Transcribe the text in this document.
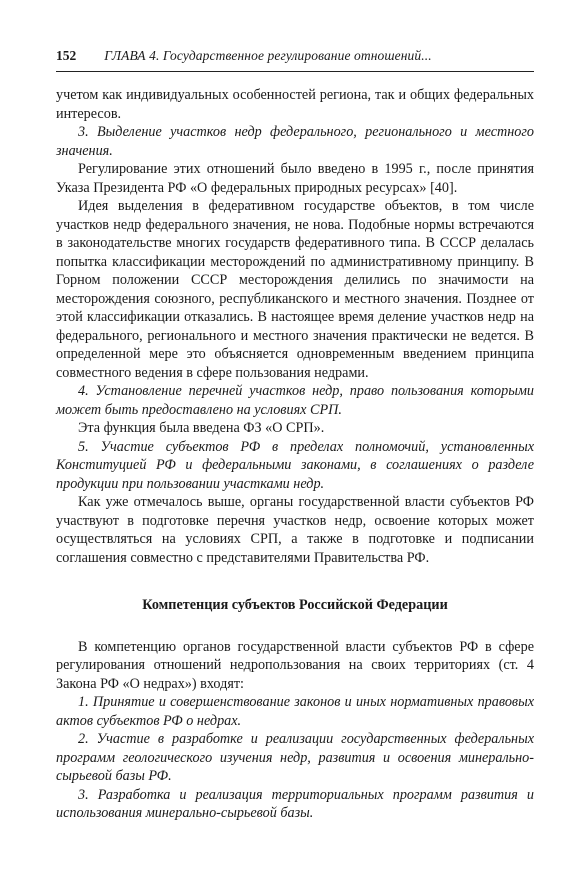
152 ГЛАВА 4. Государственное регулирование отношений...

учетом как индивидуальных особенностей региона, так и общих федеральных интересов.

3. Выделение участков недр федерального, регионального и местного значения.

Регулирование этих отношений было введено в 1995 г., после принятия Указа Президента РФ «О федеральных природных ресурсах» [40].

Идея выделения в федеративном государстве объектов, в том числе участков недр федерального значения, не нова. Подобные нормы встречаются в законодательстве многих государств федеративного типа. В СССР делалась попытка классификации месторождений по административному принципу. В Горном положении СССР месторождения делились по значимости на месторождения союзного, республиканского и местного значения. Позднее от этой классификации отказались. В настоящее время деление участков недр на федерального, регионального и местного значения практически не ведется. В определенной мере это объясняется одновременным введением принципа совместного ведения в сфере пользования недрами.

4. Установление перечней участков недр, право пользования которыми может быть предоставлено на условиях СРП.

Эта функция была введена ФЗ «О СРП».

5. Участие субъектов РФ в пределах полномочий, установленных Конституцией РФ и федеральными законами, в соглашениях о разделе продукции при пользовании участками недр.

Как уже отмечалось выше, органы государственной власти субъектов РФ участвуют в подготовке перечня участков недр, освоение которых может осуществляться на условиях СРП, а также в подготовке и подписании соглашения совместно с представителями Правительства РФ.

Компетенция субъектов Российской Федерации

В компетенцию органов государственной власти субъектов РФ в сфере регулирования отношений недропользования на своих территориях (ст. 4 Закона РФ «О недрах») входят:

1. Принятие и совершенствование законов и иных нормативных правовых актов субъектов РФ о недрах.

2. Участие в разработке и реализации государственных федеральных программ геологического изучения недр, развития и освоения минерально-сырьевой базы РФ.

3. Разработка и реализация территориальных программ развития и использования минерально-сырьевой базы.
